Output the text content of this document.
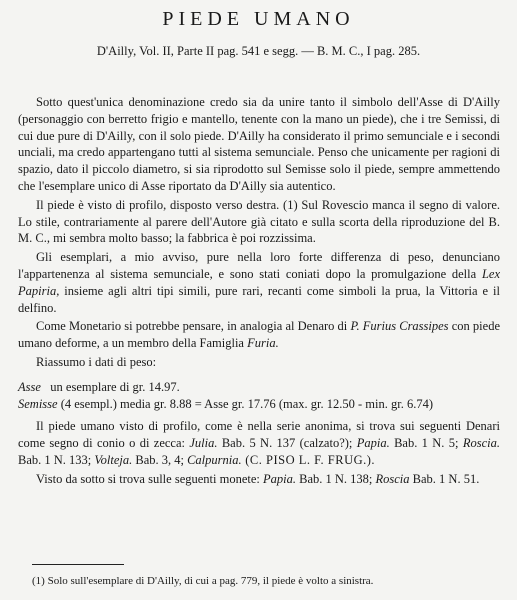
PIEDE UMANO
D'Ailly, Vol. II, Parte II pag. 541 e segg. — B. M. C., I pag. 285.

Sotto quest'unica denominazione credo sia da unire tanto il simbolo dell'Asse di D'Ailly (personaggio con berretto frigio e mantello, tenente con la mano un piede), che i tre Semissi, di cui due pure di D'Ailly, con il solo piede. D'Ailly ha considerato il primo semunciale e i secondi unciali, ma credo appartengano tutti al sistema semunciale. Penso che unicamente per ragioni di spazio, dato il piccolo diametro, si sia riprodotto sul Semisse solo il piede, sempre ammettendo che l'esemplare unico di Asse riportato da D'Ailly sia autentico.

Il piede è visto di profilo, disposto verso destra. (1) Sul Rovescio manca il segno di valore. Lo stile, contrariamente al parere dell'Autore già citato e sulla scorta della riproduzione del B. M. C., mi sembra molto basso; la fabbrica è poi rozzissima.

Gli esemplari, a mio avviso, pure nella loro forte differenza di peso, denunciano l'appartenenza al sistema semunciale, e sono stati coniati dopo la promulgazione della Lex Papiria, insieme agli altri tipi simili, pure rari, recanti come simboli la prua, la Vittoria e il delfino.

Come Monetario si potrebbe pensare, in analogia al Denaro di P. Furius Crassipes con piede umano deforme, a un membro della Famiglia Furia.

Riassumo i dati di peso:

Asse un esemplare di gr. 14.97.

Semisse (4 esempl.) media gr. 8.88 = Asse gr. 17.76 (max. gr. 12.50 - min. gr. 6.74)

Il piede umano visto di profilo, come è nella serie anonima, si trova sui seguenti Denari come segno di conio o di zecca: Julia. Bab. 5 N. 137 (calzato?); Papia. Bab. 1 N. 5; Roscia. Bab. 1 N. 133; Volteja. Bab. 3, 4; Calpurnia. (C. PISO L. F. FRUG.).

Visto da sotto si trova sulle seguenti monete: Papia. Bab. 1 N. 138; Roscia Bab. 1 N. 51.

(1) Solo sull'esemplare di D'Ailly, di cui a pag. 779, il piede è volto a sinistra.
